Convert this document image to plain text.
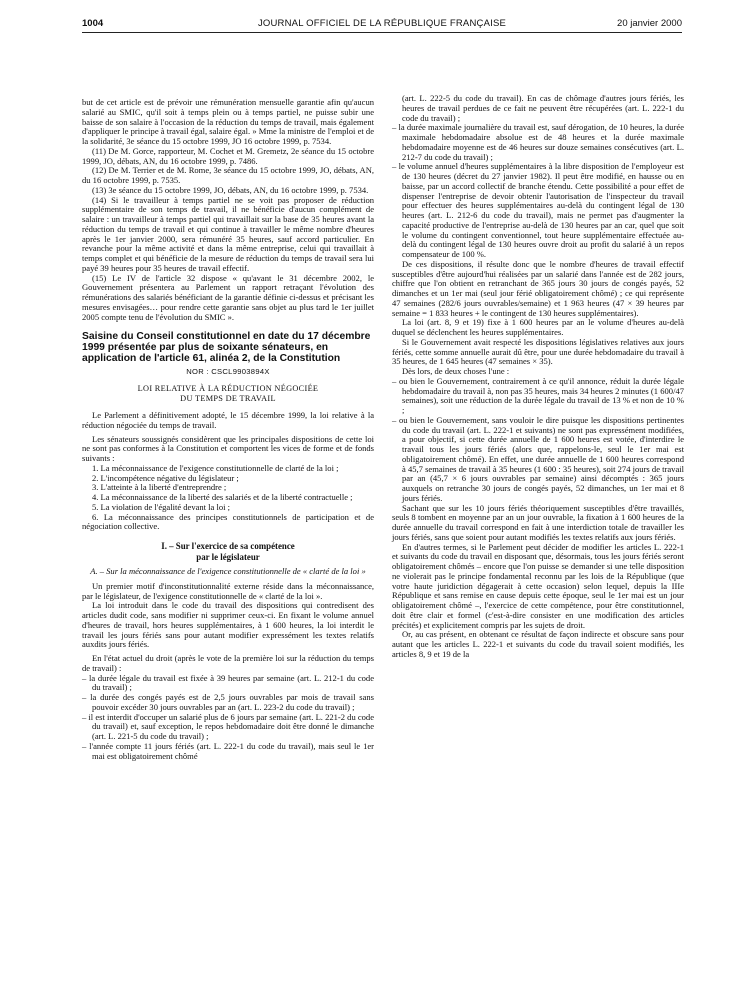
1004	JOURNAL OFFICIEL DE LA RÉPUBLIQUE FRANÇAISE	20 janvier 2000

but de cet article est de prévoir une rémunération mensuelle garantie afin qu'aucun salarié au SMIC, qu'il soit à temps plein ou à temps partiel, ne puisse subir une baisse de son salaire à l'occasion de la réduction du temps de travail, mais également d'appliquer le principe à travail égal, salaire égal. » Mme la ministre de l'emploi et de la solidarité, 3e séance du 15 octobre 1999, JO 16 octobre 1999, p. 7534.

(11) De M. Gorce, rapporteur, M. Cochet et M. Gremetz, 2e séance du 15 octobre 1999, JO, débats, AN, du 16 octobre 1999, p. 7486.

(12) De M. Terrier et de M. Rome, 3e séance du 15 octobre 1999, JO, débats, AN, du 16 octobre 1999, p. 7535.

(13) 3e séance du 15 octobre 1999, JO, débats, AN, du 16 octobre 1999, p. 7534.

(14) Si le travailleur à temps partiel ne se voit pas proposer de réduction supplémentaire de son temps de travail, il ne bénéficie d'aucun complément de salaire : un travailleur à temps partiel qui travaillait sur la base de 35 heures avant la réduction du temps de travail et qui continue à travailler le même nombre d'heures après le 1er janvier 2000, sera rémunéré 35 heures, sauf accord particulier. En revanche pour la même activité et dans la même entreprise, celui qui travaillait à temps complet et qui bénéficie de la mesure de réduction du temps de travail sera lui payé 39 heures pour 35 heures de travail effectif.

(15) Le IV de l'article 32 dispose « qu'avant le 31 décembre 2002, le Gouvernement présentera au Parlement un rapport retraçant l'évolution des rémunérations des salariés bénéficiant de la garantie définie ci-dessus et précisant les mesures envisagées… pour rendre cette garantie sans objet au plus tard le 1er juillet 2005 compte tenu de l'évolution du SMIC ».

Saisine du Conseil constitutionnel en date du 17 décembre 1999 présentée par plus de soixante sénateurs, en application de l'article 61, alinéa 2, de la Constitution
NOR : CSCL9903894X
LOI RELATIVE À LA RÉDUCTION NÉGOCIÉE
DU TEMPS DE TRAVAIL

Le Parlement a définitivement adopté, le 15 décembre 1999, la loi relative à la réduction négociée du temps de travail.

Les sénateurs soussignés considèrent que les principales dispositions de cette loi ne sont pas conformes à la Constitution et comportent les vices de forme et de fonds suivants :

1. La méconnaissance de l'exigence constitutionnelle de clarté de la loi ;

2. L'incompétence négative du législateur ;

3. L'atteinte à la liberté d'entreprendre ;

4. La méconnaissance de la liberté des salariés et de la liberté contractuelle ;

5. La violation de l'égalité devant la loi ;

6. La méconnaissance des principes constitutionnels de participation et de négociation collective.

I. – Sur l'exercice de sa compétence
par le législateur
A. – Sur la méconnaissance de l'exigence constitutionnelle de « clarté de la loi »

Un premier motif d'inconstitutionnalité externe réside dans la méconnaissance, par le législateur, de l'exigence constitutionnelle de « clarté de la loi ».

La loi introduit dans le code du travail des dispositions qui contredisent des articles dudit code, sans modifier ni supprimer ceux-ci. En fixant le volume annuel d'heures de travail, hors heures supplémentaires, à 1 600 heures, la loi interdit le travail les jours fériés sans pour autant modifier expressément les textes relatifs auxdits jours fériés.

En l'état actuel du droit (après le vote de la première loi sur la réduction du temps de travail) :

– la durée légale du travail est fixée à 39 heures par semaine (art. L. 212-1 du code du travail) ;

– la durée des congés payés est de 2,5 jours ouvrables par mois de travail sans pouvoir excéder 30 jours ouvrables par an (art. L. 223-2 du code du travail) ;

– il est interdit d'occuper un salarié plus de 6 jours par semaine (art. L. 221-2 du code du travail) et, sauf exception, le repos hebdomadaire doit être donné le dimanche (art. L. 221-5 du code du travail) ;

– l'année compte 11 jours fériés (art. L. 222-1 du code du travail), mais seul le 1er mai est obligatoirement chômé

(art. L. 222-5 du code du travail). En cas de chômage d'autres jours fériés, les heures de travail perdues de ce fait ne peuvent être récupérées (art. L. 222-1 du code du travail) ;

– la durée maximale journalière du travail est, sauf dérogation, de 10 heures, la durée maximale hebdomadaire absolue est de 48 heures et la durée maximale hebdomadaire moyenne est de 46 heures sur douze semaines consécutives (art. L. 212-7 du code du travail) ;

– le volume annuel d'heures supplémentaires à la libre disposition de l'employeur est de 130 heures (décret du 27 janvier 1982). Il peut être modifié, en hausse ou en baisse, par un accord collectif de branche étendu. Cette possibilité a pour effet de dispenser l'entreprise de devoir obtenir l'autorisation de l'inspecteur du travail pour effectuer des heures supplémentaires au-delà du contingent légal de 130 heures (art. L. 212-6 du code du travail), mais ne permet pas d'augmenter la capacité productive de l'entreprise au-delà de 130 heures par an car, quel que soit le volume du contingent conventionnel, tout heure supplémentaire effectuée au-delà du contingent légal de 130 heures ouvre droit au profit du salarié à un repos compensateur de 100 %.

De ces dispositions, il résulte donc que le nombre d'heures de travail effectif susceptibles d'être aujourd'hui réalisées par un salarié dans l'année est de 282 jours, chiffre que l'on obtient en retranchant de 365 jours 30 jours de congés payés, 52 dimanches et un 1er mai (seul jour férié obligatoirement chômé) ; ce qui représente 47 semaines (282/6 jours ouvrables/semaine) et 1 963 heures (47 × 39 heures par semaine = 1 833 heures + le contingent de 130 heures supplémentaires).

La loi (art. 8, 9 et 19) fixe à 1 600 heures par an le volume d'heures au-delà duquel se déclenchent les heures supplémentaires.

Si le Gouvernement avait respecté les dispositions législatives relatives aux jours fériés, cette somme annuelle aurait dû être, pour une durée hebdomadaire du travail à 35 heures, de 1 645 heures (47 semaines × 35).

Dès lors, de deux choses l'une :

– ou bien le Gouvernement, contrairement à ce qu'il annonce, réduit la durée légale hebdomadaire du travail à, non pas 35 heures, mais 34 heures 2 minutes (1 600/47 semaines), soit une réduction de la durée légale du travail de 13 % et non de 10 % ;

– ou bien le Gouvernement, sans vouloir le dire puisque les dispositions pertinentes du code du travail (art. L. 222-1 et suivants) ne sont pas expressément modifiées, a pour objectif, si cette durée annuelle de 1 600 heures est votée, d'interdire le travail tous les jours fériés (alors que, rappelons-le, seul le 1er mai est obligatoirement chômé). En effet, une durée annuelle de 1 600 heures correspond à 45,7 semaines de travail à 35 heures (1 600 : 35 heures), soit 274 jours de travail par an (45,7 × 6 jours ouvrables par semaine) ainsi décomptés : 365 jours auxquels on retranche 30 jours de congés payés, 52 dimanches, un 1er mai et 8 jours fériés.

Sachant que sur les 10 jours fériés théoriquement susceptibles d'être travaillés, seuls 8 tombent en moyenne par an un jour ouvrable, la fixation à 1 600 heures de la durée annuelle du travail correspond en fait à une interdiction totale de travailler les jours fériés, sans que soient pour autant modifiés les textes relatifs aux jours fériés.

En d'autres termes, si le Parlement peut décider de modifier les articles L. 222-1 et suivants du code du travail en disposant que, désormais, tous les jours fériés seront obligatoirement chômés – encore que l'on puisse se demander si une telle disposition ne violerait pas le principe fondamental reconnu par les lois de la République (que votre haute juridiction dégagerait à cette occasion) selon lequel, depuis la IIIe République et sans remise en cause depuis cette époque, seul le 1er mai est un jour obligatoirement chômé –, l'exercice de cette compétence, pour être constitutionnel, doit être clair et formel (c'est-à-dire consister en une modification des articles précités) et explicitement compris par les sujets de droit.

Or, au cas présent, en obtenant ce résultat de façon indirecte et obscure sans pour autant que les articles L. 222-1 et suivants du code du travail soient modifiés, les articles 8, 9 et 19 de la
